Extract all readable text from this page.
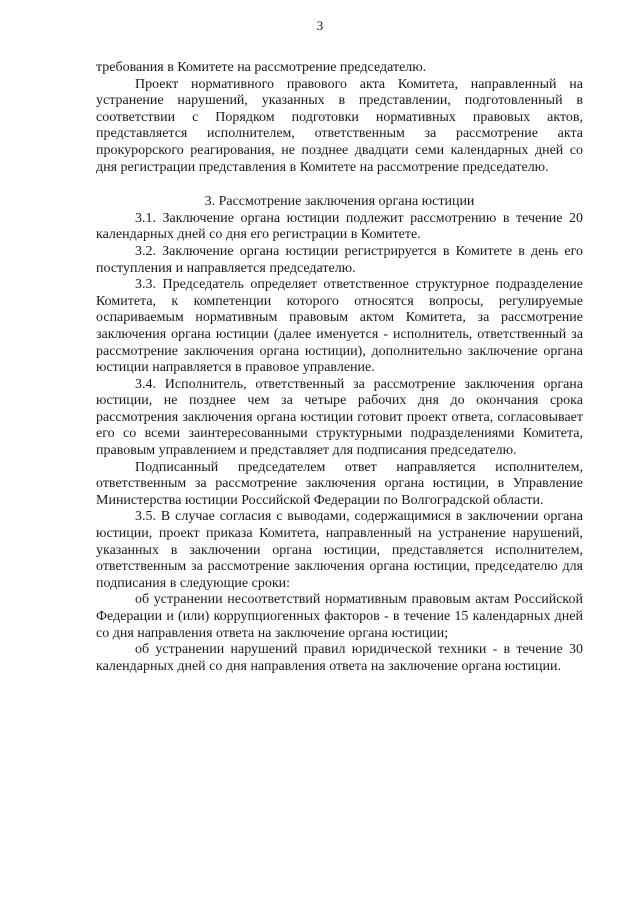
3

требования в Комитете на рассмотрение председателю.

Проект нормативного правового акта Комитета, направленный на устранение нарушений, указанных в представлении, подготовленный в соответствии с Порядком подготовки нормативных правовых актов, представляется исполнителем, ответственным за рассмотрение акта прокурорского реагирования, не позднее двадцати семи календарных дней со дня регистрации представления в Комитете на рассмотрение председателю.

3. Рассмотрение заключения органа юстиции

3.1. Заключение органа юстиции подлежит рассмотрению в течение 20 календарных дней со дня его регистрации в Комитете.

3.2. Заключение органа юстиции регистрируется в Комитете в день его поступления и направляется председателю.

3.3. Председатель определяет ответственное структурное подразделение Комитета, к компетенции которого относятся вопросы, регулируемые оспариваемым нормативным правовым актом Комитета, за рассмотрение заключения органа юстиции (далее именуется - исполнитель, ответственный за рассмотрение заключения органа юстиции), дополнительно заключение органа юстиции направляется в правовое управление.

3.4. Исполнитель, ответственный за рассмотрение заключения органа юстиции, не позднее чем за четыре рабочих дня до окончания срока рассмотрения заключения органа юстиции готовит проект ответа, согласовывает его со всеми заинтересованными структурными подразделениями Комитета, правовым управлением и представляет для подписания председателю.

Подписанный председателем ответ направляется исполнителем, ответственным за рассмотрение заключения органа юстиции, в Управление Министерства юстиции Российской Федерации по Волгоградской области.

3.5. В случае согласия с выводами, содержащимися в заключении органа юстиции, проект приказа Комитета, направленный на устранение нарушений, указанных в заключении органа юстиции, представляется исполнителем, ответственным за рассмотрение заключения органа юстиции, председателю для подписания в следующие сроки:

об устранении несоответствий нормативным правовым актам Российской Федерации и (или) коррупциогенных факторов - в течение 15 календарных дней со дня направления ответа на заключение органа юстиции;

об устранении нарушений правил юридической техники - в течение 30 календарных дней со дня направления ответа на заключение органа юстиции.
